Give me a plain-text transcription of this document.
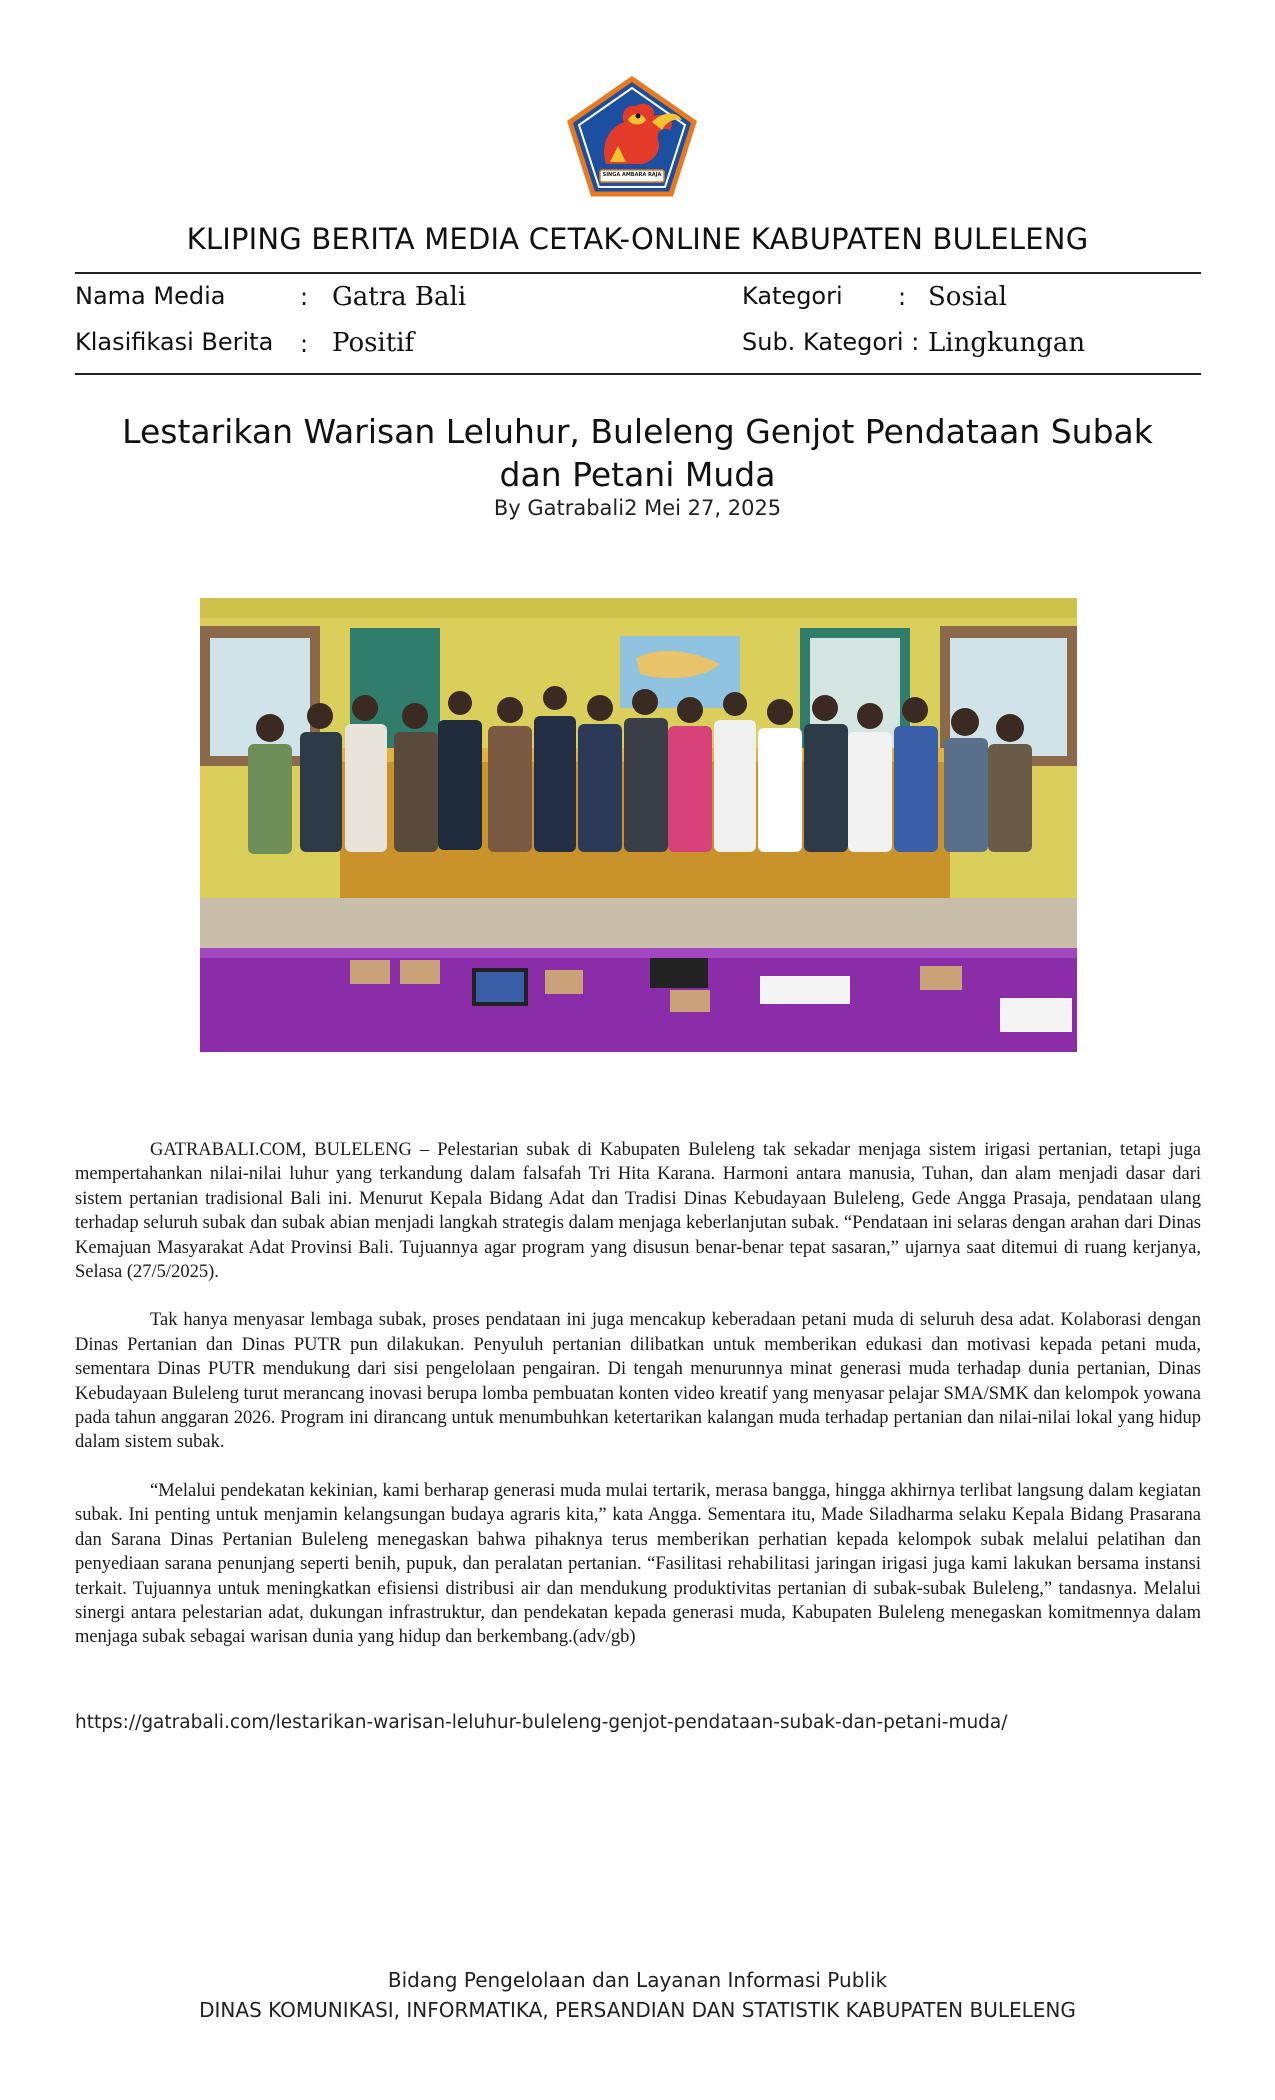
SINGA AMBARA RAJA
KLIPING BERITA MEDIA CETAK-ONLINE KABUPATEN BULELENG
Nama Media	: Gatra Bali	Kategori : Sosial
Klasifikasi Berita : Positif	Sub. Kategori : Lingkungan
Lestarikan Warisan Leluhur, Buleleng Genjot Pendataan Subak dan Petani Muda
By Gatrabali2 Mei 27, 2025

GATRABALI.COM, BULELENG – Pelestarian subak di Kabupaten Buleleng tak sekadar menjaga sistem irigasi pertanian, tetapi juga mempertahankan nilai-nilai luhur yang terkandung dalam falsafah Tri Hita Karana. Harmoni antara manusia, Tuhan, dan alam menjadi dasar dari sistem pertanian tradisional Bali ini. Menurut Kepala Bidang Adat dan Tradisi Dinas Kebudayaan Buleleng, Gede Angga Prasaja, pendataan ulang terhadap seluruh subak dan subak abian menjadi langkah strategis dalam menjaga keberlanjutan subak. “Pendataan ini selaras dengan arahan dari Dinas Kemajuan Masyarakat Adat Provinsi Bali. Tujuannya agar program yang disusun benar-benar tepat sasaran,” ujarnya saat ditemui di ruang kerjanya, Selasa (27/5/2025).

Tak hanya menyasar lembaga subak, proses pendataan ini juga mencakup keberadaan petani muda di seluruh desa adat. Kolaborasi dengan Dinas Pertanian dan Dinas PUTR pun dilakukan. Penyuluh pertanian dilibatkan untuk memberikan edukasi dan motivasi kepada petani muda, sementara Dinas PUTR mendukung dari sisi pengelolaan pengairan. Di tengah menurunnya minat generasi muda terhadap dunia pertanian, Dinas Kebudayaan Buleleng turut merancang inovasi berupa lomba pembuatan konten video kreatif yang menyasar pelajar SMA/SMK dan kelompok yowana pada tahun anggaran 2026. Program ini dirancang untuk menumbuhkan ketertarikan kalangan muda terhadap pertanian dan nilai-nilai lokal yang hidup dalam sistem subak.

“Melalui pendekatan kekinian, kami berharap generasi muda mulai tertarik, merasa bangga, hingga akhirnya terlibat langsung dalam kegiatan subak. Ini penting untuk menjamin kelangsungan budaya agraris kita,” kata Angga. Sementara itu, Made Siladharma selaku Kepala Bidang Prasarana dan Sarana Dinas Pertanian Buleleng menegaskan bahwa pihaknya terus memberikan perhatian kepada kelompok subak melalui pelatihan dan penyediaan sarana penunjang seperti benih, pupuk, dan peralatan pertanian. “Fasilitasi rehabilitasi jaringan irigasi juga kami lakukan bersama instansi terkait. Tujuannya untuk meningkatkan efisiensi distribusi air dan mendukung produktivitas pertanian di subak-subak Buleleng,” tandasnya. Melalui sinergi antara pelestarian adat, dukungan infrastruktur, dan pendekatan kepada generasi muda, Kabupaten Buleleng menegaskan komitmennya dalam menjaga subak sebagai warisan dunia yang hidup dan berkembang.(adv/gb)

https://gatrabali.com/lestarikan-warisan-leluhur-buleleng-genjot-pendataan-subak-dan-petani-muda/
Bidang Pengelolaan dan Layanan Informasi Publik
DINAS KOMUNIKASI, INFORMATIKA, PERSANDIAN DAN STATISTIK KABUPATEN BULELENG
